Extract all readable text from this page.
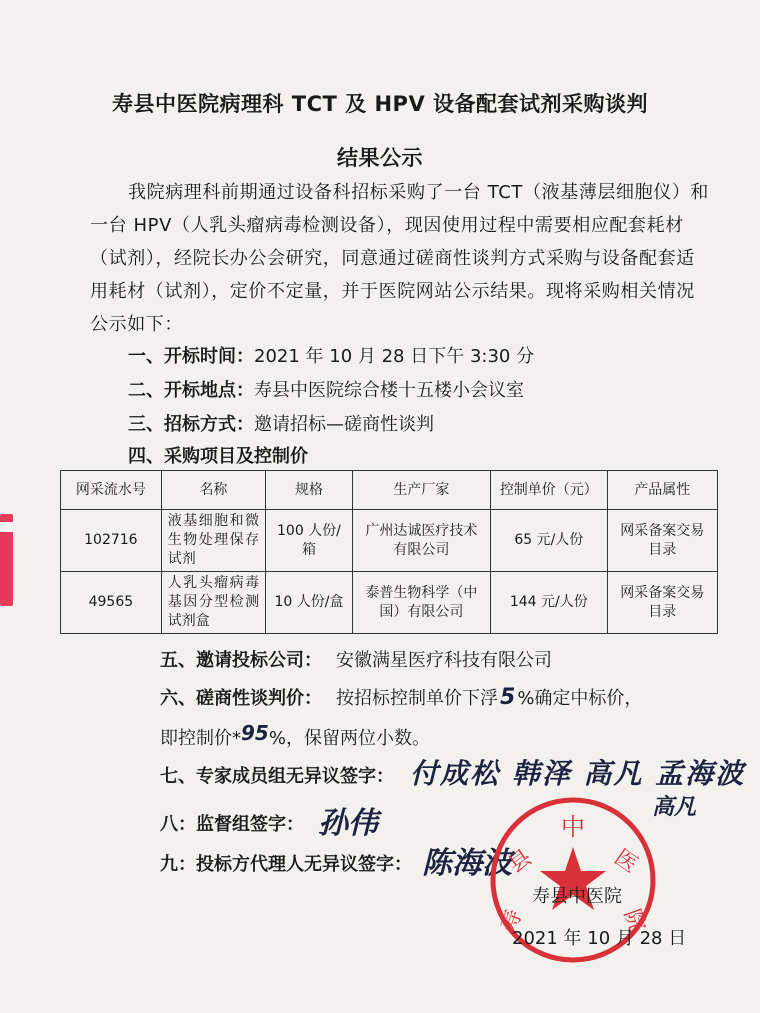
寿县中医院病理科 TCT 及 HPV 设备配套试剂采购谈判
结果公示

我院病理科前期通过设备科招标采购了一台 TCT（液基薄层细胞仪）和一台 HPV（人乳头瘤病毒检测设备），现因使用过程中需要相应配套耗材（试剂），经院长办公会研究，同意通过磋商性谈判方式采购与设备配套适用耗材（试剂），定价不定量，并于医院网站公示结果。现将采购相关情况公示如下：

一、开标时间：2021 年 10 月 28 日下午 3:30 分
二、开标地点：寿县中医院综合楼十五楼小会议室
三、招标方式：邀请招标—磋商性谈判
四、采购项目及控制价
网采流水号	名称	规格	生产厂家	控制单价（元）	产品属性
102716	液基细胞和微生物处理保存试剂	100 人份/箱	广州达诚医疗技术有限公司	65 元/人份	网采备案交易目录
49565	人乳头瘤病毒基因分型检测试剂盒	10 人份/盒	泰普生物科学（中国）有限公司	144 元/人份	网采备案交易目录
五、邀请投标公司： 安徽满星医疗科技有限公司
六、磋商性谈判价： 按招标控制单价下浮5 %确定中标价，
即控制价*95%，保留两位小数。
七、专家成员组无异议签字： 付成松 韩泽 高凡 孟海波
八：监督组签字： 孙伟	高凡
九：投标方代理人无异议签字： 陈海波
中
县	医
寿	院
寿县中医院
2021 年 10 月 28 日
